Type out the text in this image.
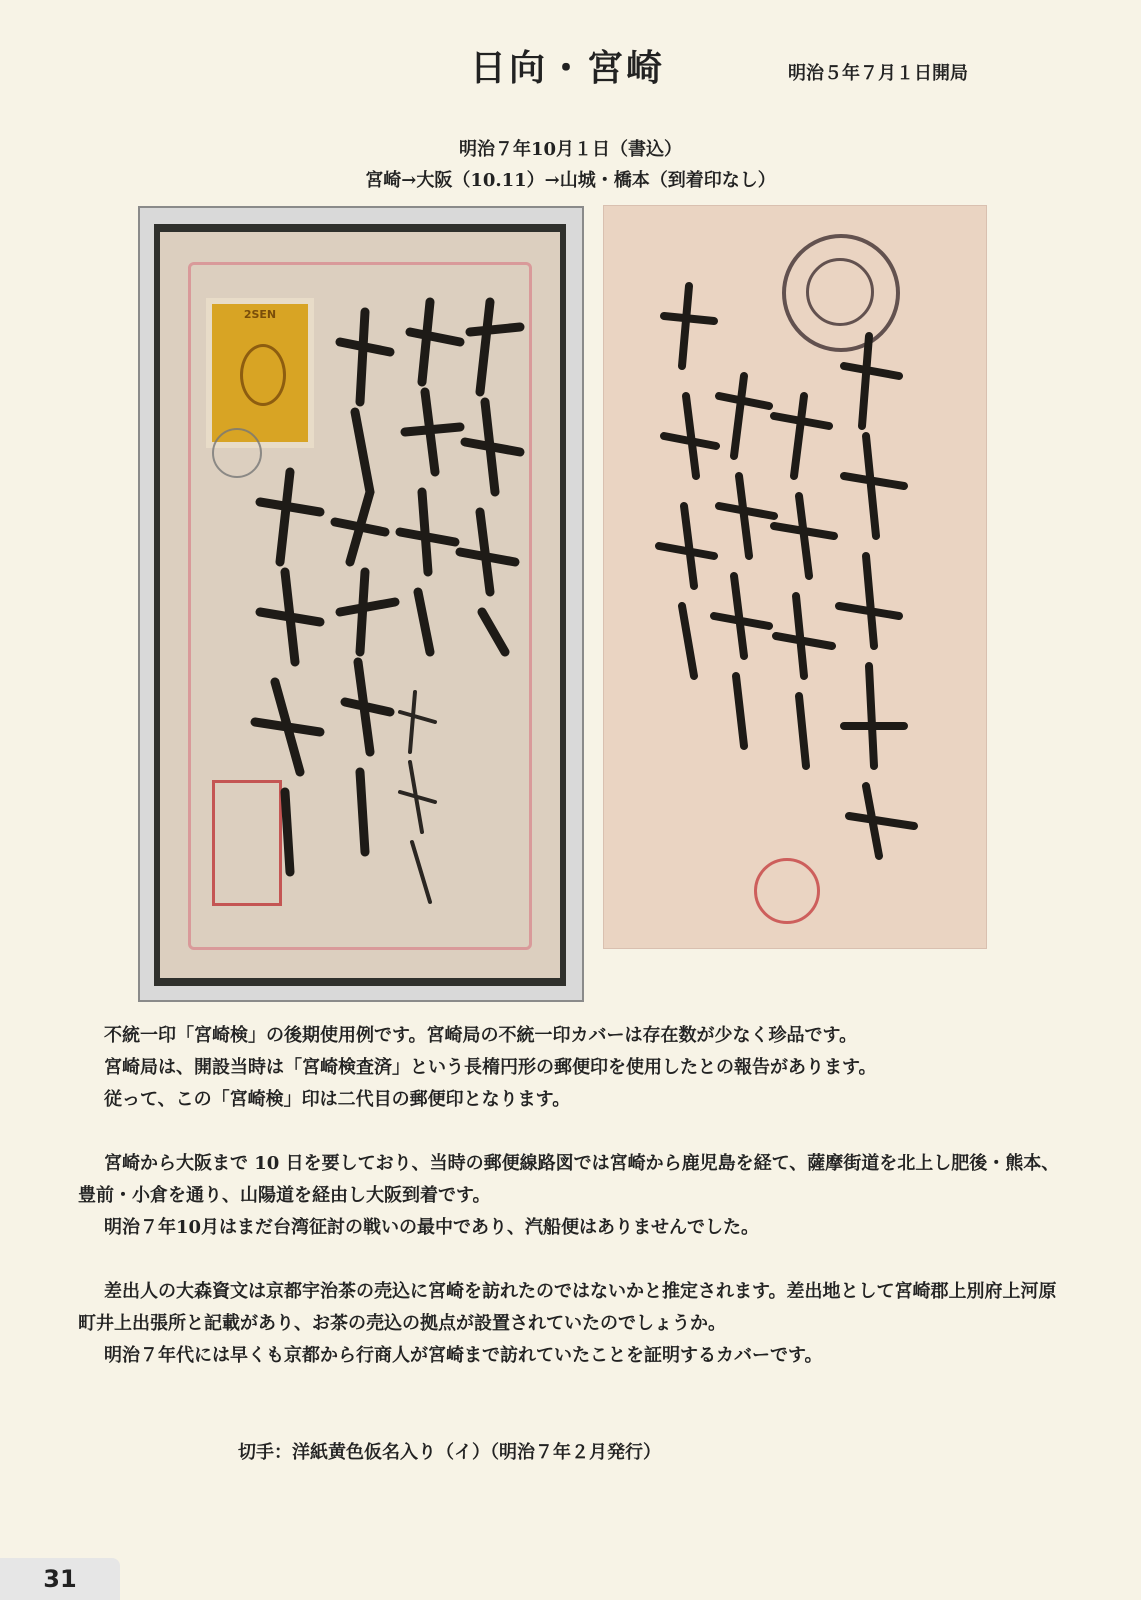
日向・宮崎	明治５年７月１日開局
明治７年10月１日（書込）
宮崎→大阪（10.11）→山城・橋本（到着印なし）
2SEN

不統一印「宮崎検」の後期使用例です。宮崎局の不統一印カバーは存在数が少なく珍品です。

宮崎局は、開設当時は「宮崎検査済」という長楕円形の郵便印を使用したとの報告があります。

従って、この「宮崎検」印は二代目の郵便印となります。

宮崎から大阪まで 10 日を要しており、当時の郵便線路図では宮崎から鹿児島を経て、薩摩街道を北上し肥後・熊本、豊前・小倉を通り、山陽道を経由し大阪到着です。

明治７年10月はまだ台湾征討の戦いの最中であり、汽船便はありませんでした。

差出人の大森資文は京都宇治茶の売込に宮崎を訪れたのではないかと推定されます。差出地として宮崎郡上別府上河原町井上出張所と記載があり、お茶の売込の拠点が設置されていたのでしょうか。

明治７年代には早くも京都から行商人が宮崎まで訪れていたことを証明するカバーです。

切手：洋紙黄色仮名入り（イ）（明治７年２月発行）
31
